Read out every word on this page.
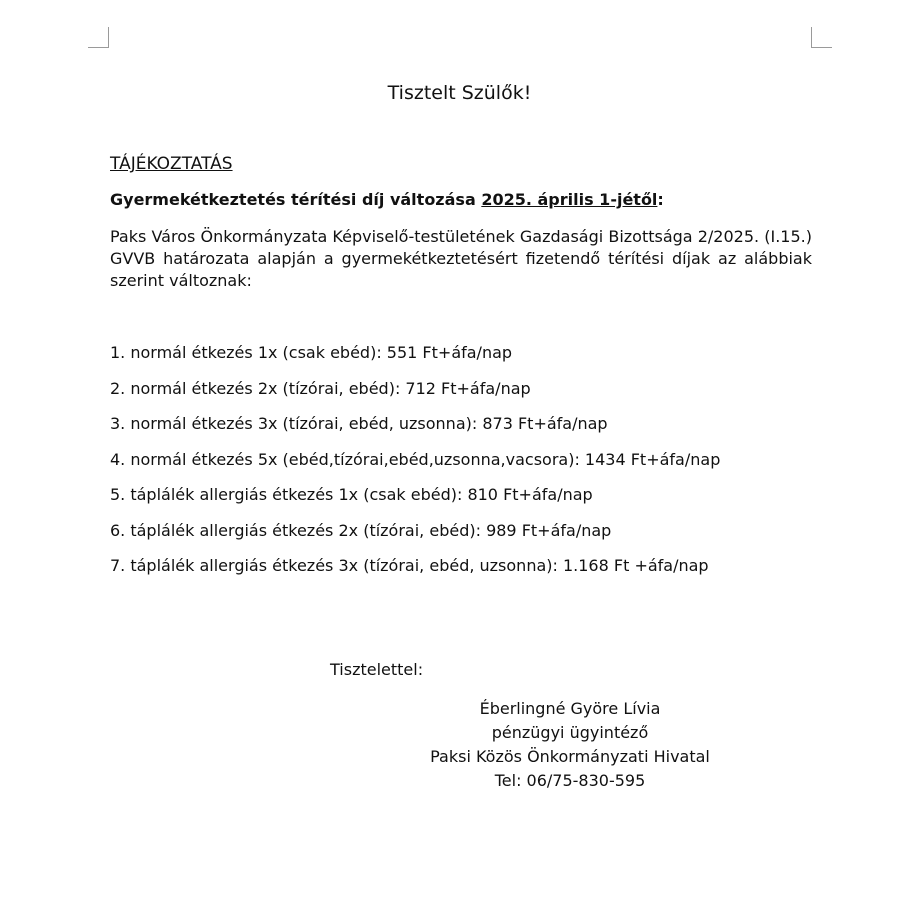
Tisztelt Szülők!
TÁJÉKOZTATÁS
Gyermekétkeztetés térítési díj változása 2025. április 1-jétől:
Paks Város Önkormányzata Képviselő-testületének Gazdasági Bizottsága 2/2025. (I.15.) GVVB határozata alapján a gyermekétkeztetésért fizetendő térítési díjak az alábbiak szerint változnak:
1. normál étkezés 1x (csak ebéd): 551 Ft+áfa/nap
2. normál étkezés 2x (tízórai, ebéd): 712 Ft+áfa/nap
3. normál étkezés 3x (tízórai, ebéd, uzsonna): 873 Ft+áfa/nap
4. normál étkezés 5x (ebéd,tízórai,ebéd,uzsonna,vacsora): 1434 Ft+áfa/nap
5. táplálék allergiás étkezés 1x (csak ebéd): 810 Ft+áfa/nap
6. táplálék allergiás étkezés 2x (tízórai, ebéd): 989 Ft+áfa/nap
7. táplálék allergiás étkezés 3x (tízórai, ebéd, uzsonna): 1.168 Ft +áfa/nap
Tisztelettel:
Éberlingné Györe Lívia
pénzügyi ügyintéző
Paksi Közös Önkormányzati Hivatal
Tel: 06/75-830-595
